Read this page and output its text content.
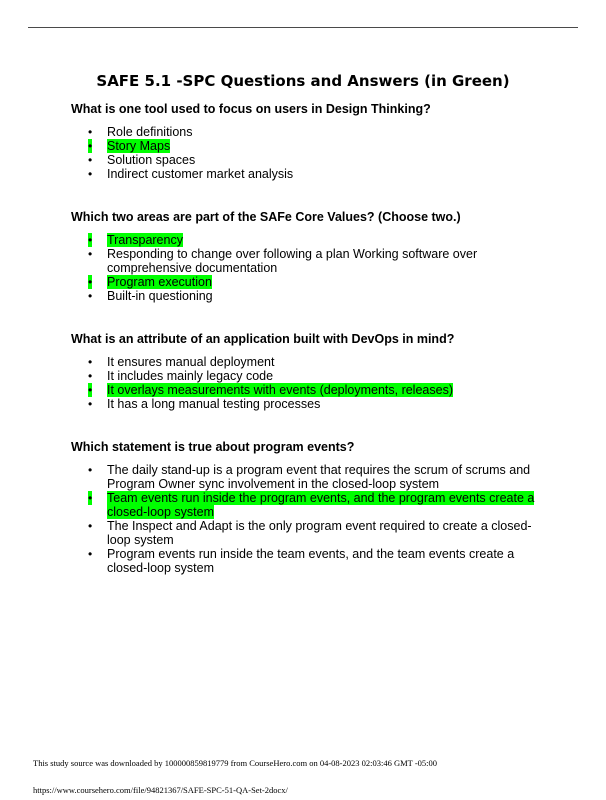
SAFE 5.1 -SPC Questions and Answers (in Green)

What is one tool used to focus on users in Design Thinking?

• Role definitions
• Story Maps
• Solution spaces
• Indirect customer market analysis

Which two areas are part of the SAFe Core Values? (Choose two.)

• Transparency
• Responding to change over following a plan Working software over comprehensive documentation
• Program execution
• Built-in questioning

What is an attribute of an application built with DevOps in mind?

• It ensures manual deployment
• It includes mainly legacy code
• It overlays measurements with events (deployments, releases)
• It has a long manual testing processes

Which statement is true about program events?

• The daily stand-up is a program event that requires the scrum of scrums and Program Owner sync involvement in the closed-loop system
• Team events run inside the program events, and the program events create a closed-loop system
• The Inspect and Adapt is the only program event required to create a closed-loop system
• Program events run inside the team events, and the team events create a closed-loop system
This study source was downloaded by 100000859819779 from CourseHero.com on 04-08-2023 02:03:46 GMT -05:00
https://www.coursehero.com/file/94821367/SAFE-SPC-51-QA-Set-2docx/
